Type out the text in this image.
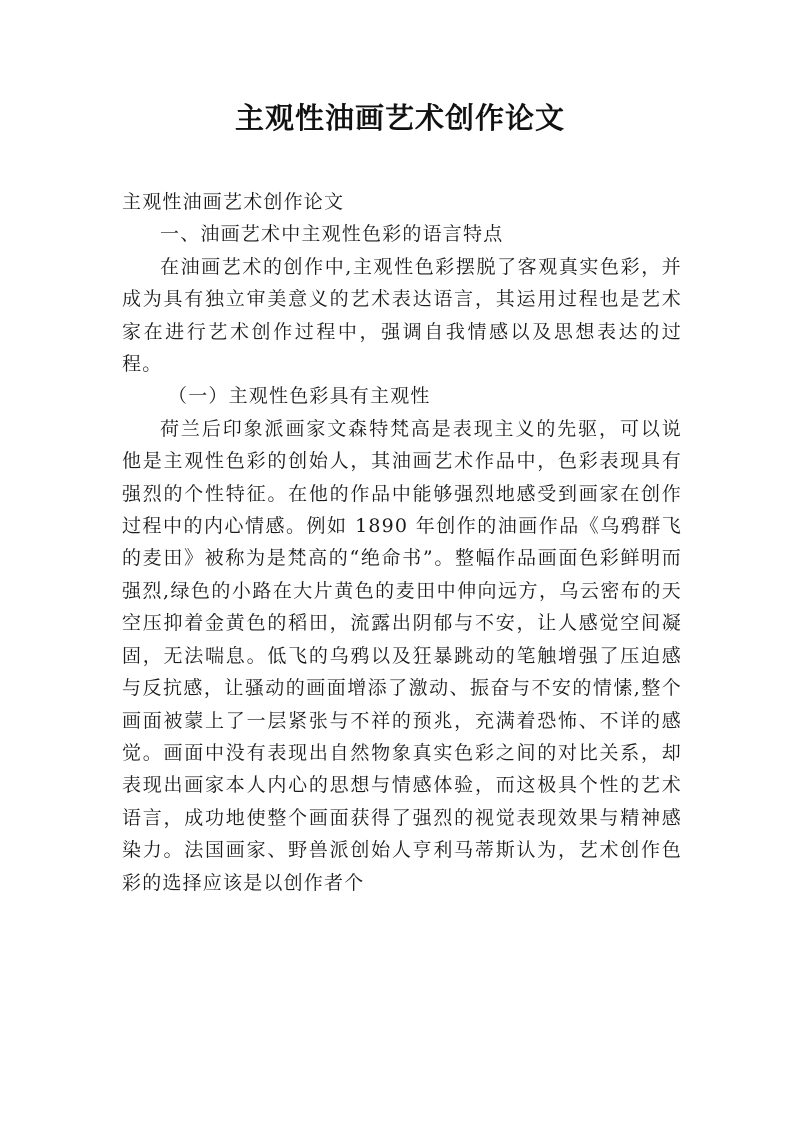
主观性油画艺术创作论文

主观性油画艺术创作论文

一、油画艺术中主观性色彩的语言特点

在油画艺术的创作中,主观性色彩摆脱了客观真实色彩，并成为具有独立审美意义的艺术表达语言，其运用过程也是艺术家在进行艺术创作过程中，强调自我情感以及思想表达的过程。

（一）主观性色彩具有主观性

荷兰后印象派画家文森特梵高是表现主义的先驱，可以说他是主观性色彩的创始人，其油画艺术作品中，色彩表现具有强烈的个性特征。在他的作品中能够强烈地感受到画家在创作过程中的内心情感。例如 1890 年创作的油画作品《乌鸦群飞的麦田》被称为是梵高的“绝命书”。整幅作品画面色彩鲜明而强烈,绿色的小路在大片黄色的麦田中伸向远方，乌云密布的天空压抑着金黄色的稻田，流露出阴郁与不安，让人感觉空间凝固，无法喘息。低飞的乌鸦以及狂暴跳动的笔触增强了压迫感与反抗感，让骚动的画面增添了激动、振奋与不安的情愫,整个画面被蒙上了一层紧张与不祥的预兆，充满着恐怖、不详的感觉。画面中没有表现出自然物象真实色彩之间的对比关系，却表现出画家本人内心的思想与情感体验，而这极具个性的艺术语言，成功地使整个画面获得了强烈的视觉表现效果与精神感染力。法国画家、野兽派创始人亨利马蒂斯认为，艺术创作色彩的选择应该是以创作者个
